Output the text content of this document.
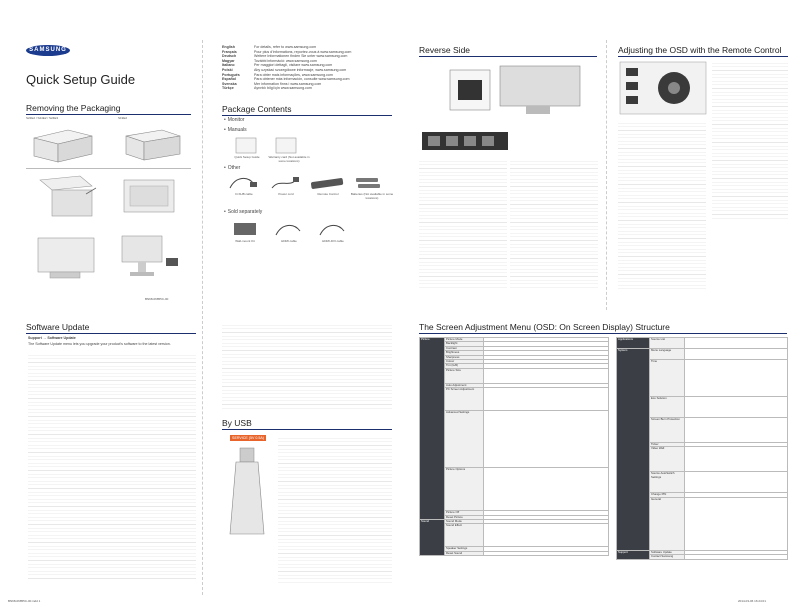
SAMSUNG
Quick Setup Guide
Removing the Packaging
S22E2 / S24E2 / S24E3	S19E2
English	For details, refer to www.samsung.com
Français	Pour plus d'informations, reportez-vous à www.samsung.com
Deutsch	Weitere Informationen finden Sie unter www.samsung.com
Magyar	További információ: www.samsung.com
Italiano	Per maggiori dettagli, visitare www.samsung.com
Polski	Aby uzyskać szczegółowe informacje, www.samsung.com
Português	Para obter mais informações, www.samsung.com
Español	Para obtener más información, consulte www.samsung.com
Svenska	Mer information finns i www.samsung.com
Türkçe	Ayrıntılı bilgi için www.samsung.com
Package Contents
• Monitor
• Manuals
Quick Setup Guide	Warranty card (Not available in some locations)
• Other
D-SUB cable	Power cord	Remote Control	Batteries (Not available in some locations)
• Sold separately
Wall-mount Kit	HDMI cable	HDMI-DVI cable
Reverse Side	Adjusting the OSD with the Remote Control
BN68-06855C-00
Software Update
Support → Software Update
The Software Update menu lets you upgrade your product's software to the latest version.
By USB
SERVICE (5V 0.5A)
The Screen Adjustment Menu (OSD: On Screen Display) Structure
Picture	Picture Mode	
	Backlight	
	Contrast	
	Brightness	
	Sharpness	
	Colour	
	Tint (G/R)	
	Picture Size	
	Auto Adjustment	
	PC Screen Adjustment	
	Advanced Settings	
	Picture Options	
	Picture Off	
	Reset Picture	
Sound	Sound Mode	
	Sound Effect	
	Speaker Settings	
	Reset Sound	
Applications	Source List	
System	Menu Language	
	Time	
	Eco Solution	
	Screen Burn Protection	
	Ticker	
	Video Wall	
	Source AutoSwitch Settings	
	Change PIN	
	General	
Support	Software Update	
	Contact Samsung	
BN68-06855C-00.indd 1	2014-03-06 16:24:01
